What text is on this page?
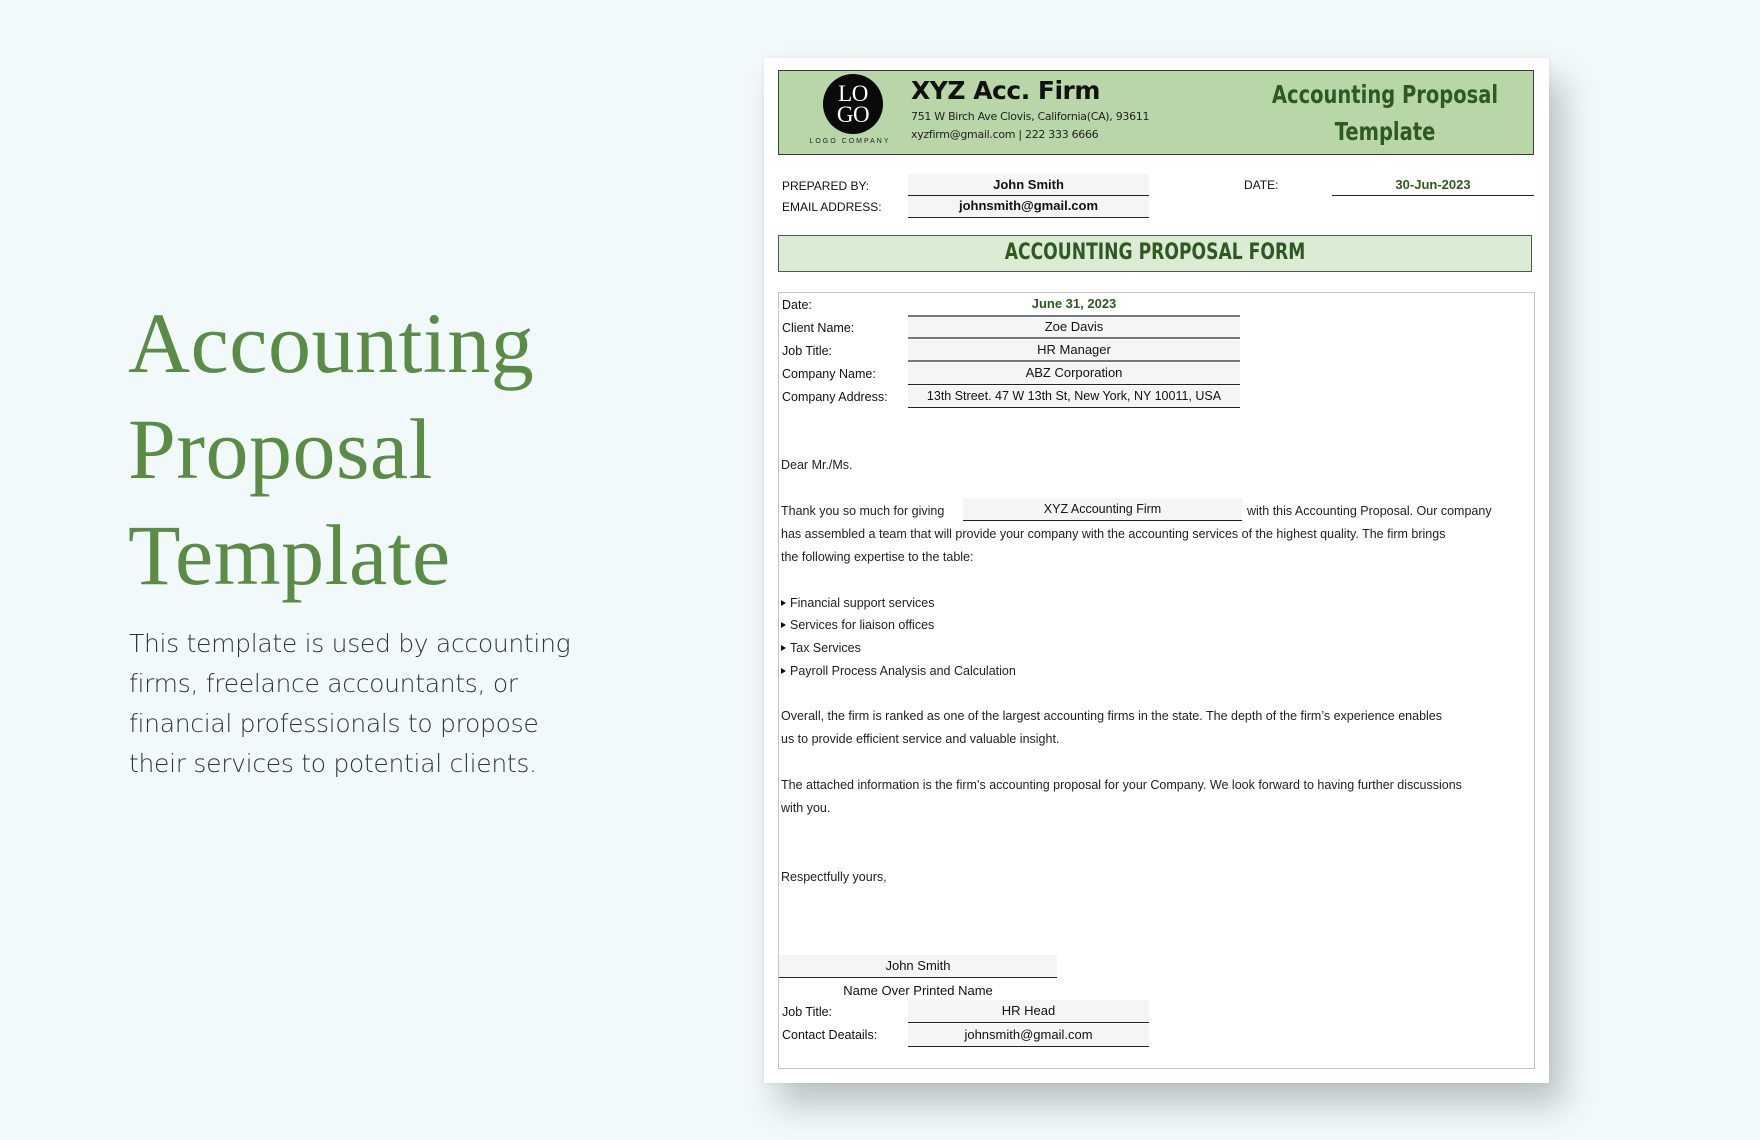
Accounting
Proposal
Template
This template is used by accounting
firms, freelance accountants, or
financial professionals to propose
their services to potential clients.
LO
GO
LOGO COMPANY
XYZ Acc. Firm
751 W Birch Ave Clovis, California(CA), 93611
xyzfirm@gmail.com | 222 333 6666
Accounting Proposal
Template
PREPARED BY:	John Smith
EMAIL ADDRESS:	johnsmith@gmail.com
DATE:	30-Jun-2023
ACCOUNTING PROPOSAL FORM
Date:	June 31, 2023
Client Name:	Zoe Davis
Job Title:	HR Manager
Company Name:	ABZ Corporation
Company Address:	13th Street. 47 W 13th St, New York, NY 10011, USA
Dear Mr./Ms.
Thank you so much for giving	XYZ Accounting Firm	with this Accounting Proposal. Our company
has assembled a team that will provide your company with the accounting services of the highest quality. The firm brings
the following expertise to the table:
Financial support services
Services for liaison offices
Tax Services
Payroll Process Analysis and Calculation
Overall, the firm is ranked as one of the largest accounting firms in the state. The depth of the firm’s experience enables
us to provide efficient service and valuable insight.
The attached information is the firm’s accounting proposal for your Company. We look forward to having further discussions
with you.
Respectfully yours,
John Smith
Name Over Printed Name
Job Title:	HR Head
Contact Deatails:	johnsmith@gmail.com
